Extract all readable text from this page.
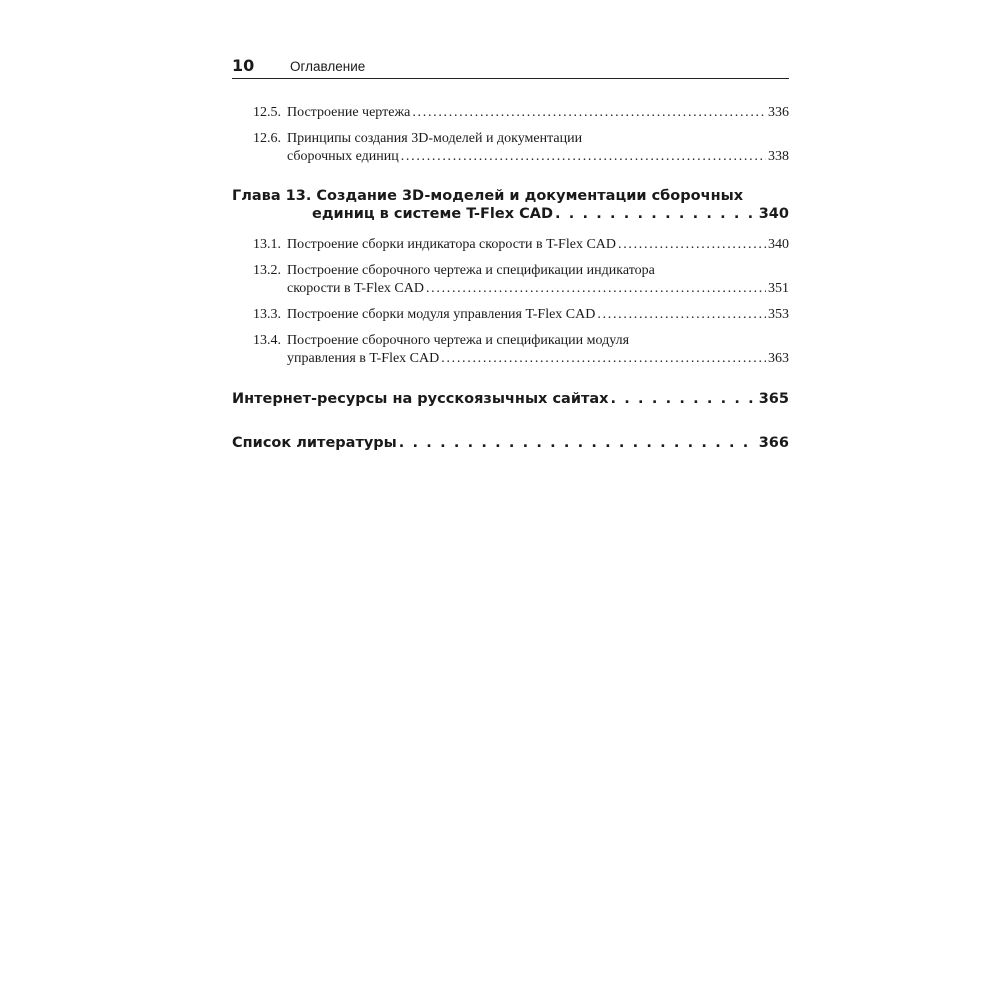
10	Оглавление
12.5. Построение чертежа . . .	336
12.6. Принципы создания 3D-моделей и документации
сборочных единиц . . .	338
Глава 13. Создание 3D-моделей и документации сборочных
единиц в системе T-Flex CAD . . .	340
13.1. Построение сборки индикатора скорости в T-Flex CAD . . .	340
13.2. Построение сборочного чертежа и спецификации индикатора
скорости в T-Flex CAD . . .	351
13.3. Построение сборки модуля управления T-Flex CAD . . .	353
13.4. Построение сборочного чертежа и спецификации модуля
управления в T-Flex CAD . . .	363
Интернет-ресурсы на русскоязычных сайтах . . .	365
Список литературы . . .	366
